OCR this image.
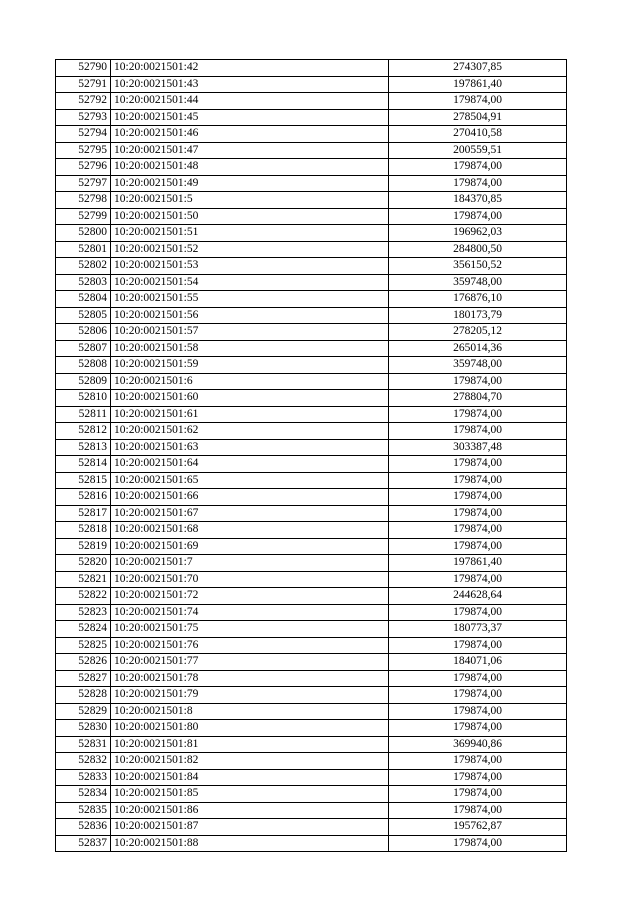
52790	10:20:0021501:42	274307,85
52791	10:20:0021501:43	197861,40
52792	10:20:0021501:44	179874,00
52793	10:20:0021501:45	278504,91
52794	10:20:0021501:46	270410,58
52795	10:20:0021501:47	200559,51
52796	10:20:0021501:48	179874,00
52797	10:20:0021501:49	179874,00
52798	10:20:0021501:5	184370,85
52799	10:20:0021501:50	179874,00
52800	10:20:0021501:51	196962,03
52801	10:20:0021501:52	284800,50
52802	10:20:0021501:53	356150,52
52803	10:20:0021501:54	359748,00
52804	10:20:0021501:55	176876,10
52805	10:20:0021501:56	180173,79
52806	10:20:0021501:57	278205,12
52807	10:20:0021501:58	265014,36
52808	10:20:0021501:59	359748,00
52809	10:20:0021501:6	179874,00
52810	10:20:0021501:60	278804,70
52811	10:20:0021501:61	179874,00
52812	10:20:0021501:62	179874,00
52813	10:20:0021501:63	303387,48
52814	10:20:0021501:64	179874,00
52815	10:20:0021501:65	179874,00
52816	10:20:0021501:66	179874,00
52817	10:20:0021501:67	179874,00
52818	10:20:0021501:68	179874,00
52819	10:20:0021501:69	179874,00
52820	10:20:0021501:7	197861,40
52821	10:20:0021501:70	179874,00
52822	10:20:0021501:72	244628,64
52823	10:20:0021501:74	179874,00
52824	10:20:0021501:75	180773,37
52825	10:20:0021501:76	179874,00
52826	10:20:0021501:77	184071,06
52827	10:20:0021501:78	179874,00
52828	10:20:0021501:79	179874,00
52829	10:20:0021501:8	179874,00
52830	10:20:0021501:80	179874,00
52831	10:20:0021501:81	369940,86
52832	10:20:0021501:82	179874,00
52833	10:20:0021501:84	179874,00
52834	10:20:0021501:85	179874,00
52835	10:20:0021501:86	179874,00
52836	10:20:0021501:87	195762,87
52837	10:20:0021501:88	179874,00
